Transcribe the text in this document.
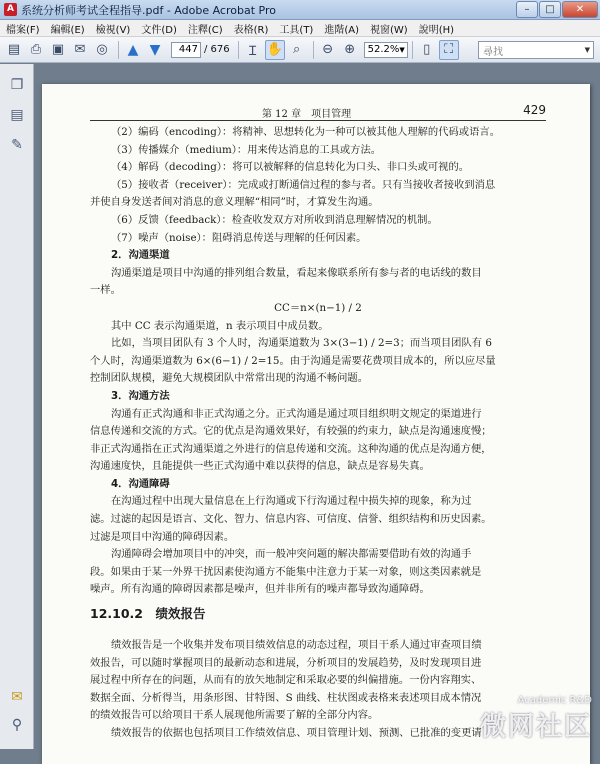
A 系统分析师考试全程指导.pdf - Adobe Acrobat Pro	–	□	✕
檔案(F) 編輯(E) 檢視(V) 文件(D) 注釋(C) 表格(R) 工具(T) 進階(A) 視窗(W) 說明(H)
▤ ⎙ ▣ ✉ ◎	▲ ▼
447	/ 676	Ɪ ✋ ⌕	⊖ ⊕	52.2% ▼	▯	⛶	尋找	▼
❐
▤
✎
✉
⚲
第 12 章　项目管理	429
（2）编码（encoding）：将精神、思想转化为一种可以被其他人理解的代码或语言。
（3）传播媒介（medium）：用来传达消息的工具或方法。
（4）解码（decoding）：将可以被解释的信息转化为口头、非口头或可视的。
（5）接收者（receiver）：完成或打断通信过程的参与者。只有当接收者接收到消息
并使自身发送者间对消息的意义理解“相同”时，才算发生沟通。
（6）反馈（feedback）：检查收发双方对所收到消息理解情况的机制。
（7）噪声（noise）：阻碍消息传送与理解的任何因素。
2．沟通渠道
沟通渠道是项目中沟通的排列组合数量，看起来像联系所有参与者的电话线的数目
一样。
CC＝n×(n−1) / 2
其中 CC 表示沟通渠道，n 表示项目中成员数。
比如，当项目团队有 3 个人时，沟通渠道数为 3×(3−1) / 2=3；而当项目团队有 6
个人时，沟通渠道数为 6×(6−1) / 2=15。由于沟通是需要花费项目成本的，所以应尽量
控制团队规模，避免大规模团队中常常出现的沟通不畅问题。
3．沟通方法
沟通有正式沟通和非正式沟通之分。正式沟通是通过项目组织明文规定的渠道进行
信息传递和交流的方式。它的优点是沟通效果好，有较强的约束力，缺点是沟通速度慢；
非正式沟通指在正式沟通渠道之外进行的信息传递和交流。这种沟通的优点是沟通方便，
沟通速度快，且能提供一些正式沟通中难以获得的信息，缺点是容易失真。
4．沟通障碍
在沟通过程中出现大量信息在上行沟通或下行沟通过程中损失掉的现象，称为过
滤。过滤的起因是语言、文化、智力、信息内容、可信度、信誉、组织结构和历史因素。
过滤是项目中沟通的障碍因素。
沟通障碍会增加项目中的冲突，而一般冲突问题的解决都需要借助有效的沟通手
段。如果由于某一外界干扰因素使沟通方不能集中注意力于某一对象，则这类因素就是
噪声。所有沟通的障碍因素都是噪声，但并非所有的噪声都导致沟通障碍。
12.10.2　绩效报告
绩效报告是一个收集并发布项目绩效信息的动态过程，项目干系人通过审查项目绩
效报告，可以随时掌握项目的最新动态和进展，分析项目的发展趋势，及时发现项目进
展过程中所存在的问题，从而有的放矢地制定和采取必要的纠偏措施。一份内容翔实、
数据全面、分析得当，用条形图、甘特图、S 曲线、柱状图或表格来表述项目成本情况
的绩效报告可以给项目干系人展现他所需要了解的全部分内容。
绩效报告的依据也包括项目工作绩效信息、项目管理计划、预测、已批准的变更请
Academic R&D
微网社区
